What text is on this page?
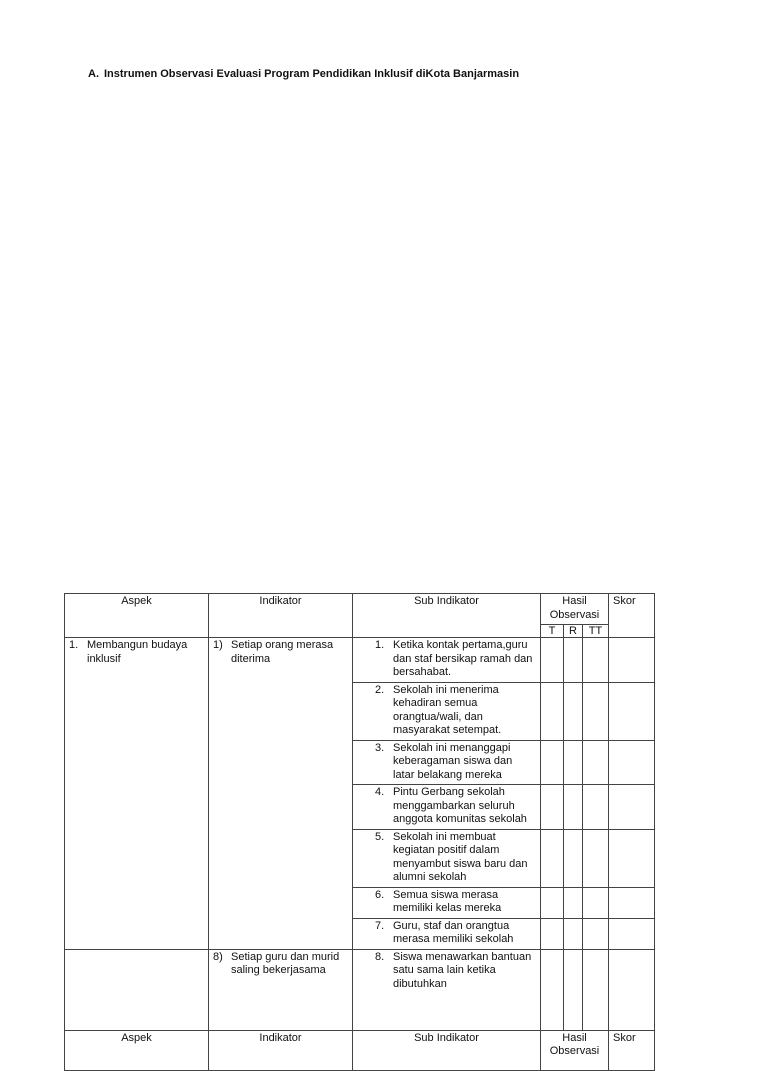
A. Instrumen Observasi Evaluasi Program Pendidikan Inklusif diKota Banjarmasin
Aspek	Indikator	Sub Indikator	Hasil Observasi			Skor
			T	R	TT	

1. Membangun budaya inklusif	1) Setiap orang merasa diterima	1. Ketika kontak pertama,guru dan staf bersikap ramah dan bersahabat.				

		2. Sekolah ini menerima kehadiran semua orangtua/wali, dan masyarakat setempat.				

		3. Sekolah ini menanggapi keberagaman siswa dan latar belakang mereka				

		4. Pintu Gerbang sekolah menggambarkan seluruh anggota komunitas sekolah				

		5. Sekolah ini membuat kegiatan positif dalam menyambut siswa baru dan alumni sekolah				

		6. Semua siswa merasa memiliki kelas mereka				

		7. Guru, staf dan orangtua merasa memiliki sekolah				

	8) Setiap guru dan murid saling bekerjasama	8. Siswa menawarkan bantuan satu sama lain ketika dibutuhkan				

Aspek	Indikator	Sub Indikator	Hasil Observasi			Skor
